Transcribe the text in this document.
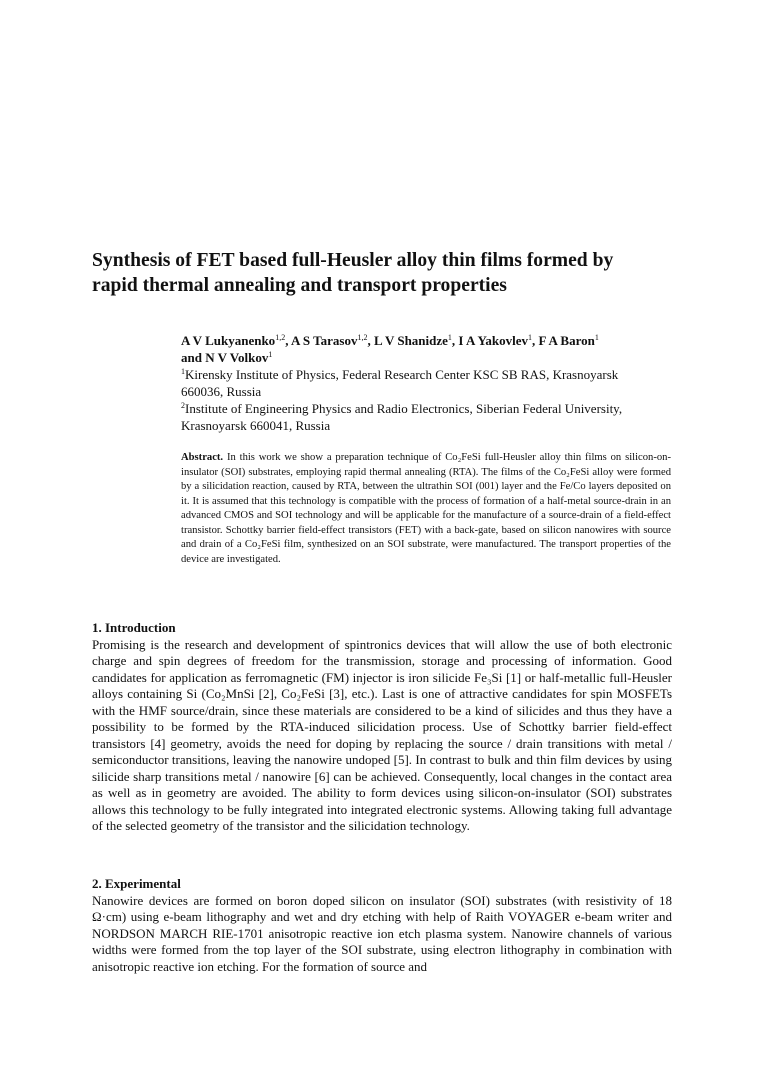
Synthesis of FET based full-Heusler alloy thin films formed by
rapid thermal annealing and transport properties
A V Lukyanenko$^{1,2}$, A S Tarasov$^{1,2}$, L V Shanidze$^1$, I A Yakovlev$^1$, F A Baron$^1$
and N V Volkov$^1$
$^1$Kirensky Institute of Physics, Federal Research Center KSC SB RAS, Krasnoyarsk
660036, Russia
$^2$Institute of Engineering Physics and Radio Electronics, Siberian Federal University,
Krasnoyarsk 660041, Russia

Abstract. In this work we show a preparation technique of Co₂FeSi full-Heusler alloy thin films on silicon-on-insulator (SOI) substrates, employing rapid thermal annealing (RTA). The films of the Co₂FeSi alloy were formed by a silicidation reaction, caused by RTA, between the ultrathin SOI (001) layer and the Fe/Co layers deposited on it. It is assumed that this technology is compatible with the process of formation of a half-metal source-drain in an advanced CMOS and SOI technology and will be applicable for the manufacture of a source-drain of a field-effect transistor. Schottky barrier field-effect transistors (FET) with a back-gate, based on silicon nanowires with source and drain of a Co₂FeSi film, synthesized on an SOI substrate, were manufactured. The transport properties of the device are investigated.

1. Introduction

Promising is the research and development of spintronics devices that will allow the use of both electronic charge and spin degrees of freedom for the transmission, storage and processing of information. Good candidates for application as ferromagnetic (FM) injector is iron silicide Fe₃Si [1] or half-metallic full-Heusler alloys containing Si (Co₂MnSi [2], Co₂FeSi [3], etc.). Last is one of attractive candidates for spin MOSFETs with the HMF source/drain, since these materials are considered to be a kind of silicides and thus they have a possibility to be formed by the RTA-induced silicidation process. Use of Schottky barrier field-effect transistors [4] geometry, avoids the need for doping by replacing the source / drain transitions with metal / semiconductor transitions, leaving the nanowire undoped [5]. In contrast to bulk and thin film devices by using silicide sharp transitions metal / nanowire [6] can be achieved. Consequently, local changes in the contact area as well as in geometry are avoided. The ability to form devices using silicon-on-insulator (SOI) substrates allows this technology to be fully integrated into integrated electronic systems. Allowing taking full advantage of the selected geometry of the transistor and the silicidation technology.

2. Experimental

Nanowire devices are formed on boron doped silicon on insulator (SOI) substrates (with resistivity of 18 Ω·cm) using e-beam lithography and wet and dry etching with help of Raith VOYAGER e-beam writer and NORDSON MARCH RIE-1701 anisotropic reactive ion etch plasma system. Nanowire channels of various widths were formed from the top layer of the SOI substrate, using electron lithography in combination with anisotropic reactive ion etching. For the formation of source and
